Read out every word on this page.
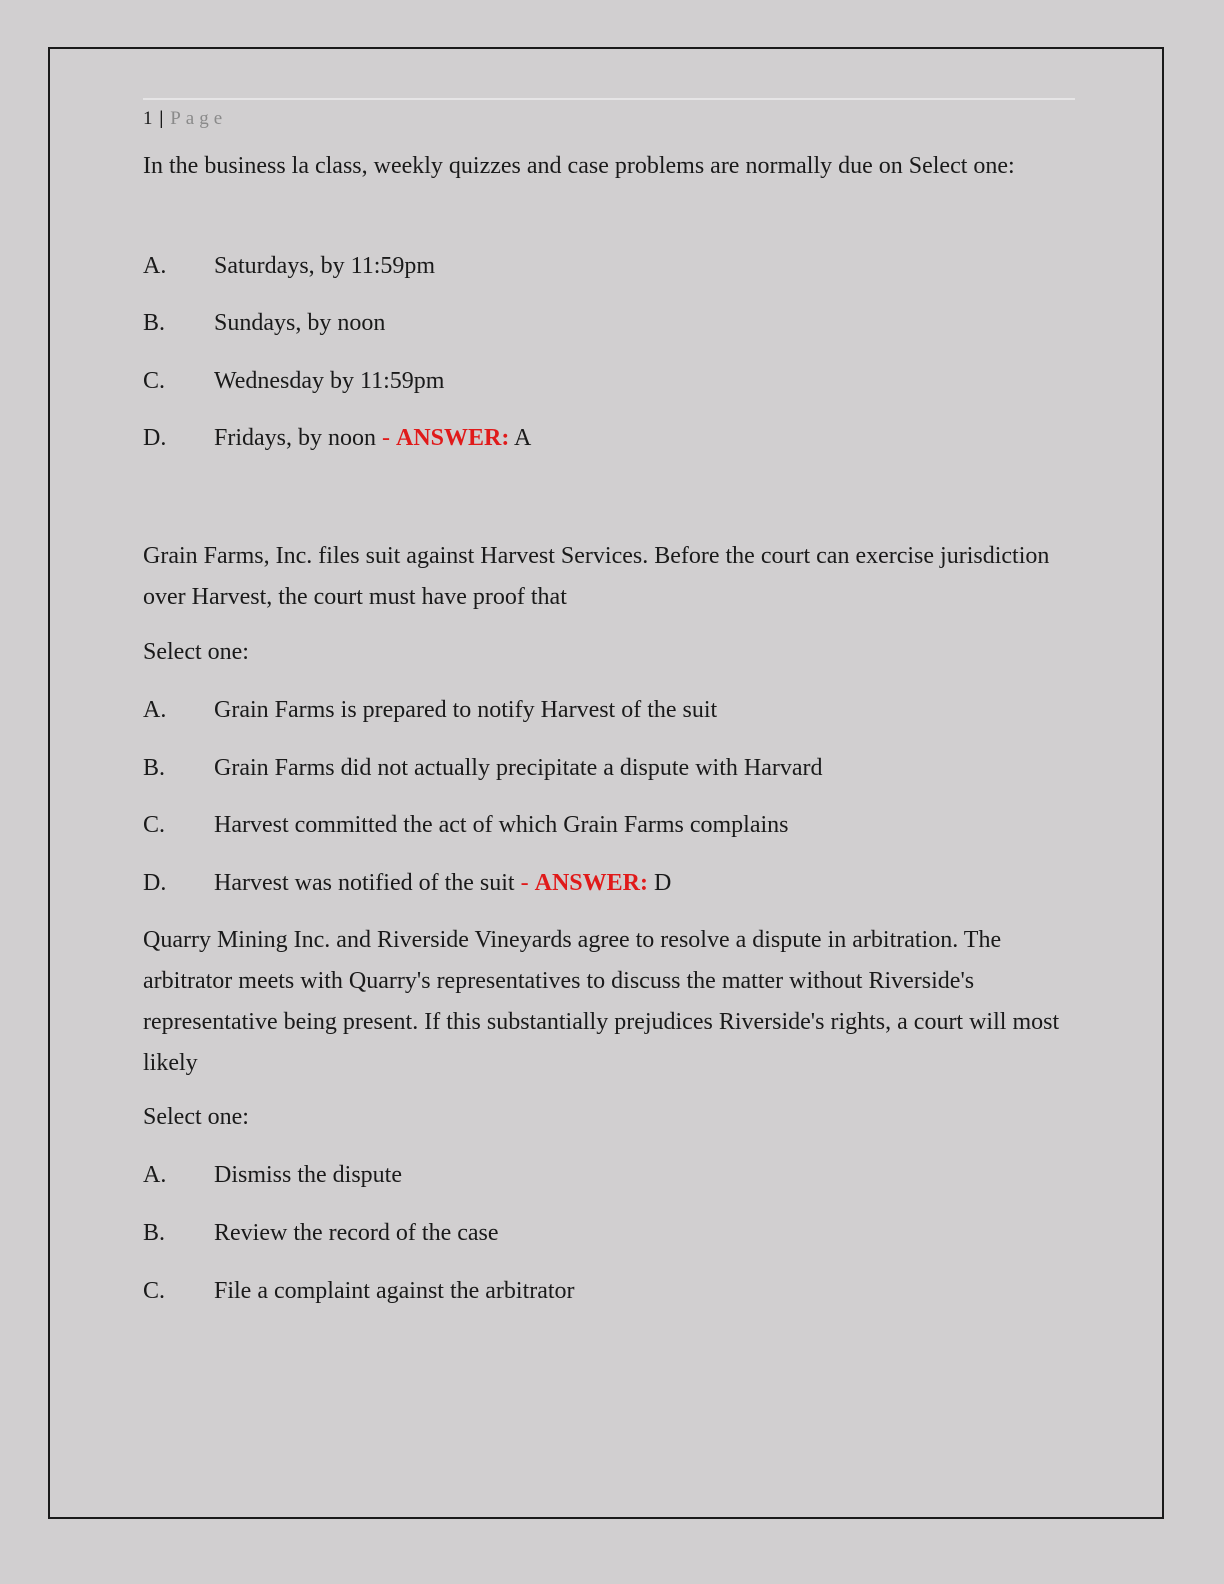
1 | Page

In the business la class, weekly quizzes and case problems are normally due on Select one:

A. Saturdays, by 11:59pm
B. Sundays, by noon
C. Wednesday by 11:59pm
D. Fridays, by noon - ANSWER: A

Grain Farms, Inc. files suit against Harvest Services. Before the court can exercise jurisdiction over Harvest, the court must have proof that

Select one:

A. Grain Farms is prepared to notify Harvest of the suit
B. Grain Farms did not actually precipitate a dispute with Harvard
C. Harvest committed the act of which Grain Farms complains
D. Harvest was notified of the suit - ANSWER: D

Quarry Mining Inc. and Riverside Vineyards agree to resolve a dispute in arbitration. The arbitrator meets with Quarry's representatives to discuss the matter without Riverside's representative being present. If this substantially prejudices Riverside's rights, a court will most likely

Select one:

A. Dismiss the dispute
B. Review the record of the case
C. File a complaint against the arbitrator
